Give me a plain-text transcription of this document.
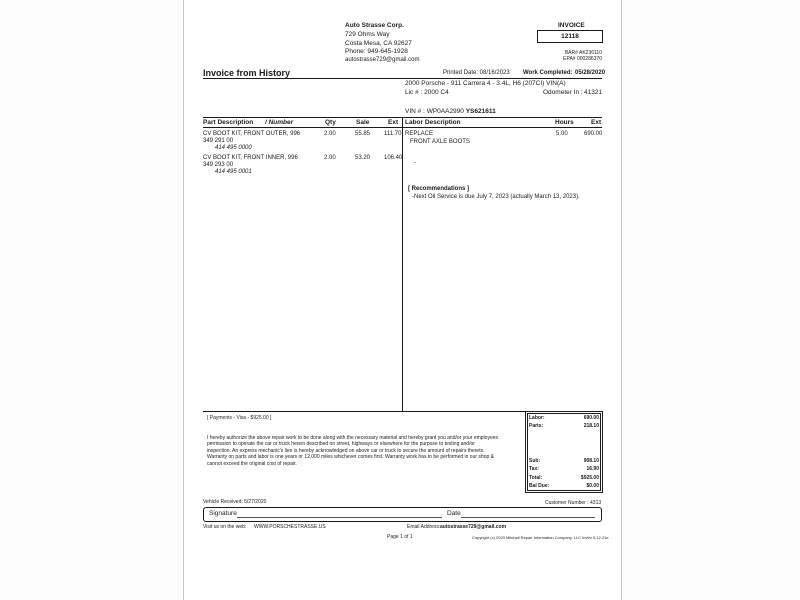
Auto Strasse Corp.
729 Ohms Way
Costa Mesa, CA 92627
Phone: 949-645-1928
autostrasse729@gmail.com
INVOICE
12118
BAR# AK236110
EPA# 000286370
Invoice from History	Printed Date: 08/16/2023 Work Completed: 05/28/2020
2000 Porsche - 911 Carrera 4 - 3.4L, H6 (207CI) VIN(A)
Lic # : 2000 C4	Odometer In : 41321
VIN # : WP0AA2990 YS621611
Part Description / Number	Qty	Sale	Ext Labor Description	Hours	Ext
CV BOOT KIT, FRONT OUTER, 996
349 291 00
414 495 0000
2.00	55.85 111.70
CV BOOT KIT, FRONT INNER, 996
349 293 00
414 495 0001
2.00	53.20 106.40
REPLACE
FRONT AXLE BOOTS
5.00	690.00
-
[ Recommendations ]
-Next Oil Service is due July 7, 2023 (actually March 13, 2023).
[ Payments - Visa - $925.00 ]
I hereby authorize the above repair work to be done along with the necessary material and hereby grant you and/or your employees permission to operate the car or truck herein described on street, highways or elsewhere for the purpose to testing and/or inspection. An express mechanic's lien is hereby acknowledged on above car or truck to secure the amount of repairs thereto. Warranty on parts and labor is one years or 12,000 miles whichever comes first. Warranty work has to be performed in our shop & cannot exceed the original cost of repair.
Labor:	690.00
Parts:	218.10
Sub:	908.10
Tax:	16.90
Total:	$925.00
Bal Due:	$0.00
Vehicle Received: 5/27/2020	Customer Number : 4313
Signature	Date
Visit us on the web: WWW.PORSCHESTRASSE.US	Email Address: autostrasse729@gmail.com
Page 1 of 1	Copyright (c) 2023 Mitchell Repair Information Company, LLC Invtrv 5.12.21e
